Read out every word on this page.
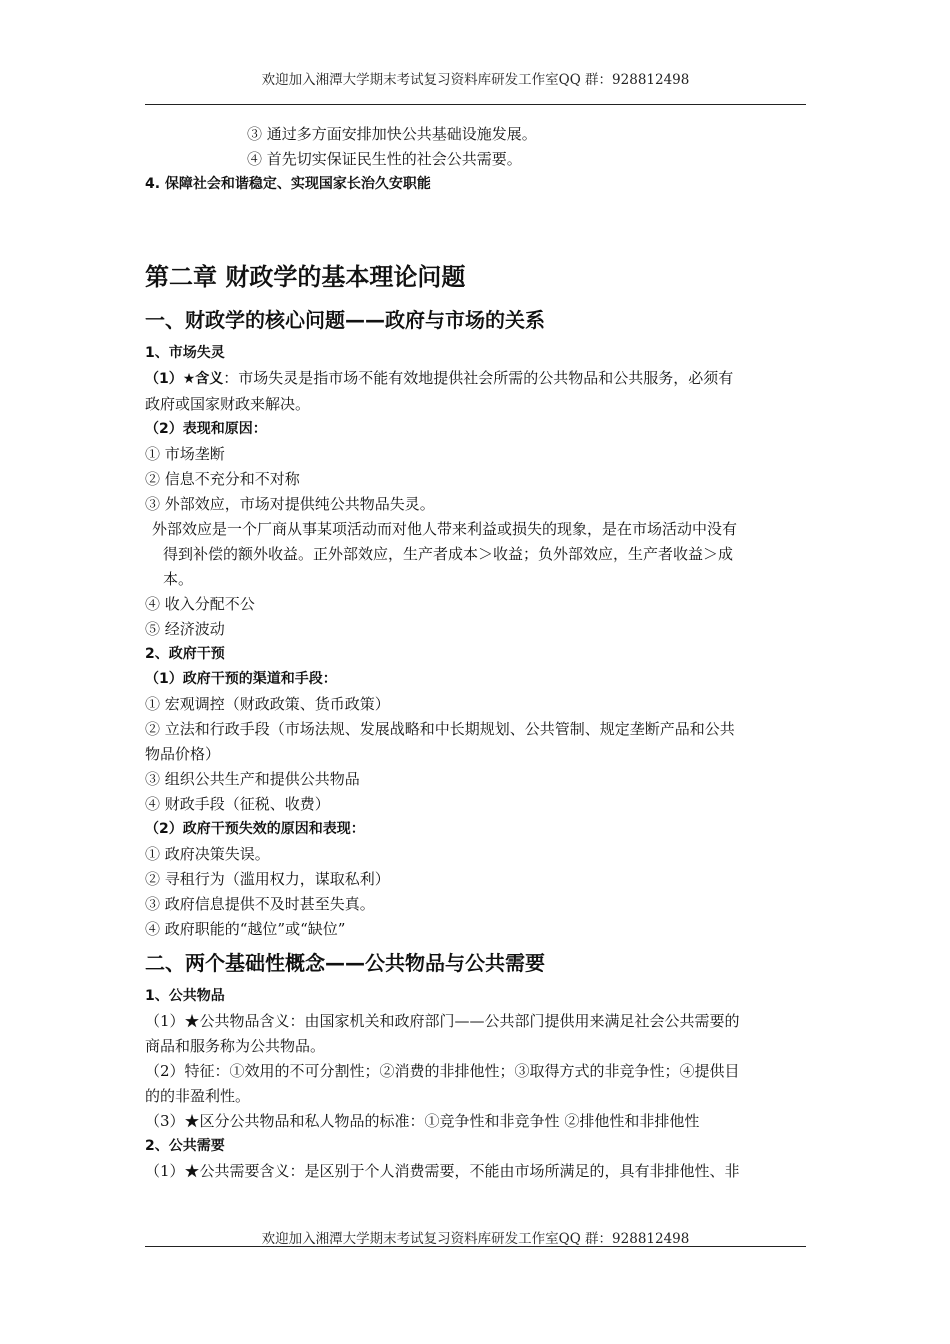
欢迎加入湘潭大学期末考试复习资料库研发工作室QQ 群：928812498
③ 通过多方面安排加快公共基础设施发展。
④ 首先切实保证民生性的社会公共需要。
4. 保障社会和谐稳定、实现国家长治久安职能
第二章 财政学的基本理论问题
一、财政学的核心问题——政府与市场的关系
1、市场失灵
（1）★含义：市场失灵是指市场不能有效地提供社会所需的公共物品和公共服务，必须有
政府或国家财政来解决。
（2）表现和原因：
① 市场垄断
② 信息不充分和不对称
③ 外部效应，市场对提供纯公共物品失灵。
外部效应是一个厂商从事某项活动而对他人带来利益或损失的现象，是在市场活动中没有
得到补偿的额外收益。正外部效应，生产者成本＞收益；负外部效应，生产者收益＞成
本。
④ 收入分配不公
⑤ 经济波动
2、政府干预
（1）政府干预的渠道和手段：
① 宏观调控（财政政策、货币政策）
② 立法和行政手段（市场法规、发展战略和中长期规划、公共管制、规定垄断产品和公共
物品价格）
③ 组织公共生产和提供公共物品
④ 财政手段（征税、收费）
（2）政府干预失效的原因和表现：
① 政府决策失误。
② 寻租行为（滥用权力，谋取私利）
③ 政府信息提供不及时甚至失真。
④ 政府职能的“越位”或“缺位”
二、两个基础性概念——公共物品与公共需要
1、公共物品
（1）★公共物品含义：由国家机关和政府部门——公共部门提供用来满足社会公共需要的
商品和服务称为公共物品。
（2）特征：①效用的不可分割性；②消费的非排他性；③取得方式的非竞争性；④提供目
的的非盈利性。
（3）★区分公共物品和私人物品的标准：①竞争性和非竞争性 ②排他性和非排他性
2、公共需要
（1）★公共需要含义：是区别于个人消费需要，不能由市场所满足的，具有非排他性、非
欢迎加入湘潭大学期末考试复习资料库研发工作室QQ 群：928812498
